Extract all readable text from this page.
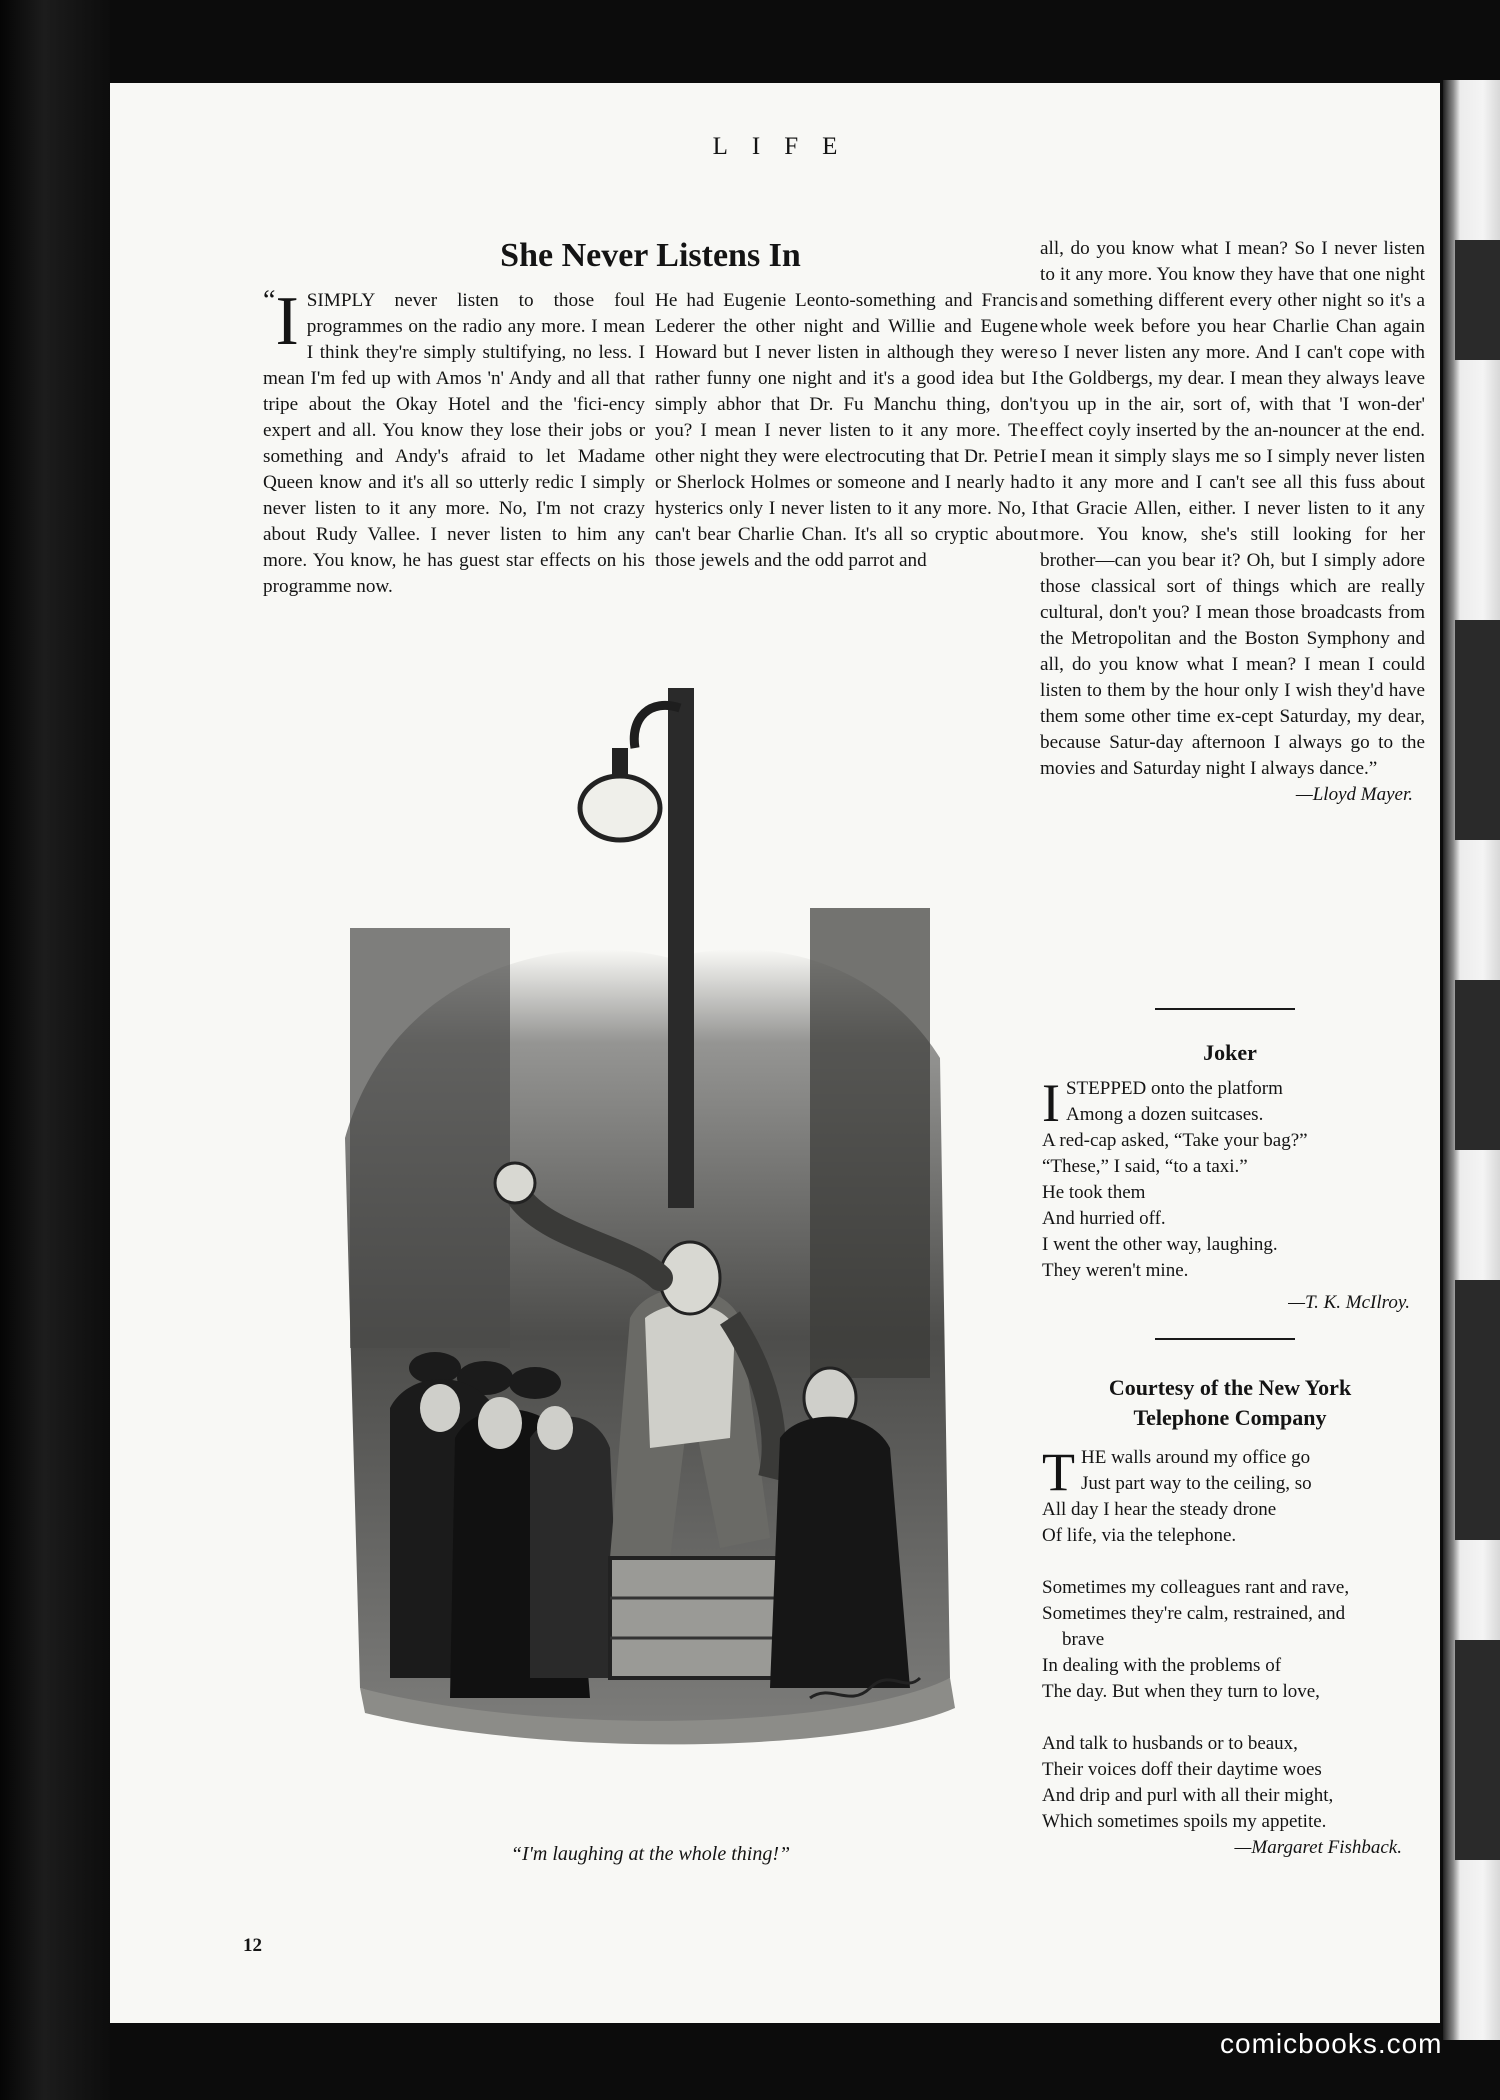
LIFE
She Never Listens In

“ I SIMPLY never listen to those foul programmes on the radio any more. I mean I think they're simply stultifying, no less. I mean I'm fed up with Amos 'n' Andy and all that tripe about the Okay Hotel and the 'fici-ency expert and all. You know they lose their jobs or something and Andy's afraid to let Madame Queen know and it's all so utterly redic I simply never listen to it any more. No, I'm not crazy about Rudy Vallee. I never listen to him any more. You know, he has guest star effects on his programme now.

He had Eugenie Leonto-something and Francis Lederer the other night and Willie and Eugene Howard but I never listen in although they were rather funny one night and it's a good idea but I simply abhor that Dr. Fu Manchu thing, don't you? I mean I never listen to it any more. The other night they were electrocuting that Dr. Petrie or Sherlock Holmes or someone and I nearly had hysterics only I never listen to it any more. No, I can't bear Charlie Chan. It's all so cryptic about those jewels and the odd parrot and

all, do you know what I mean? So I never listen to it any more. You know they have that one night and something different every other night so it's a whole week before you hear Charlie Chan again so I never listen any more. And I can't cope with the Goldbergs, my dear. I mean they always leave you up in the air, sort of, with that 'I won-der' effect coyly inserted by the an-nouncer at the end. I mean it simply slays me so I simply never listen to it any more and I can't see all this fuss about that Gracie Allen, either. I never listen to it any more. You know, she's still looking for her brother—can you bear it? Oh, but I simply adore those classical sort of things which are really cultural, don't you? I mean those broadcasts from the Metropolitan and the Boston Symphony and all, do you know what I mean? I mean I could listen to them by the hour only I wish they'd have them some other time ex-cept Saturday, my dear, because Satur-day afternoon I always go to the movies and Saturday night I always dance.”

—Lloyd Mayer.
Joker
I STEPPED onto the platform
Among a dozen suitcases.
A red-cap asked, “Take your bag?”
“These,” I said, “to a taxi.”
He took them
And hurried off.
I went the other way, laughing.
They weren't mine.
—T. K. McIlroy.
Courtesy of the New York
Telephone Company
T HE walls around my office go
Just part way to the ceiling, so
All day I hear the steady drone
Of life, via the telephone.
Sometimes my colleagues rant and rave,
Sometimes they're calm, restrained, and
brave
In dealing with the problems of
The day. But when they turn to love,
And talk to husbands or to beaux,
Their voices doff their daytime woes
And drip and purl with all their might,
Which sometimes spoils my appetite.
—Margaret Fishback.
“I'm laughing at the whole thing!”
12
comicbooks.com
